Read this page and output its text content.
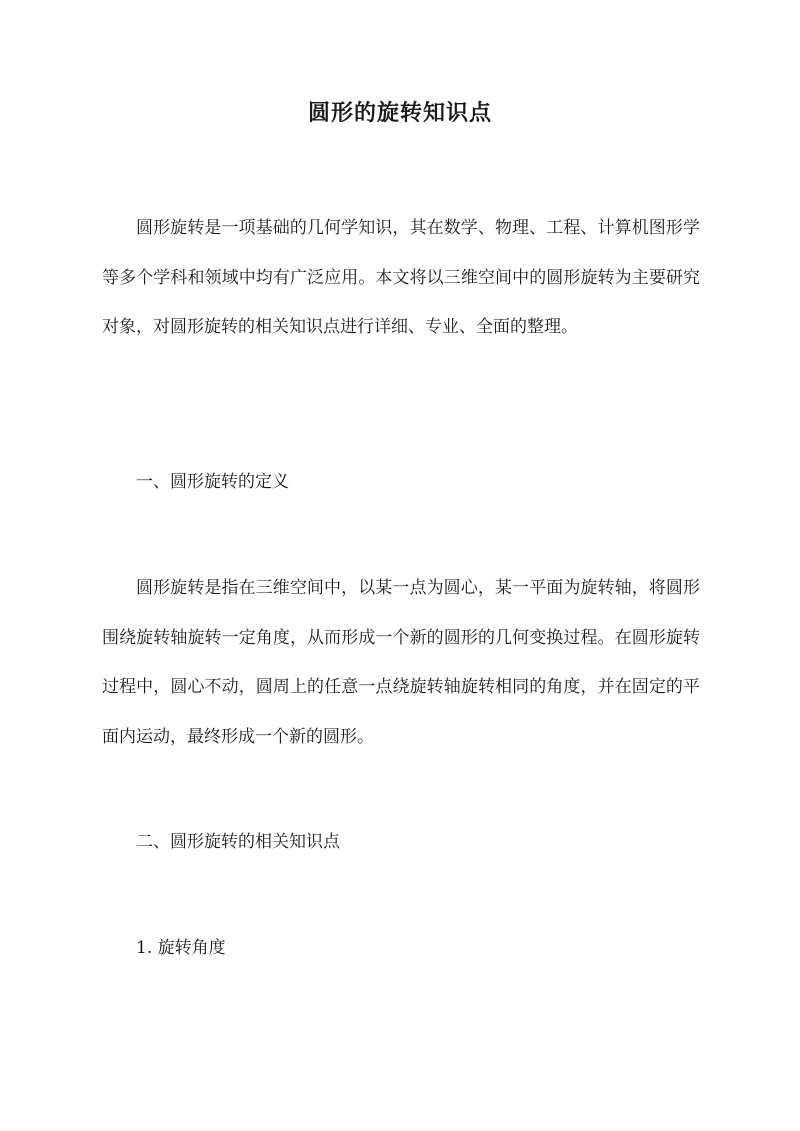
圆形的旋转知识点

圆形旋转是一项基础的几何学知识，其在数学、物理、工程、计算机图形学等多个学科和领域中均有广泛应用。本文将以三维空间中的圆形旋转为主要研究对象，对圆形旋转的相关知识点进行详细、专业、全面的整理。

一、圆形旋转的定义

圆形旋转是指在三维空间中，以某一点为圆心，某一平面为旋转轴，将圆形围绕旋转轴旋转一定角度，从而形成一个新的圆形的几何变换过程。在圆形旋转过程中，圆心不动，圆周上的任意一点绕旋转轴旋转相同的角度，并在固定的平面内运动，最终形成一个新的圆形。

二、圆形旋转的相关知识点

1. 旋转角度
